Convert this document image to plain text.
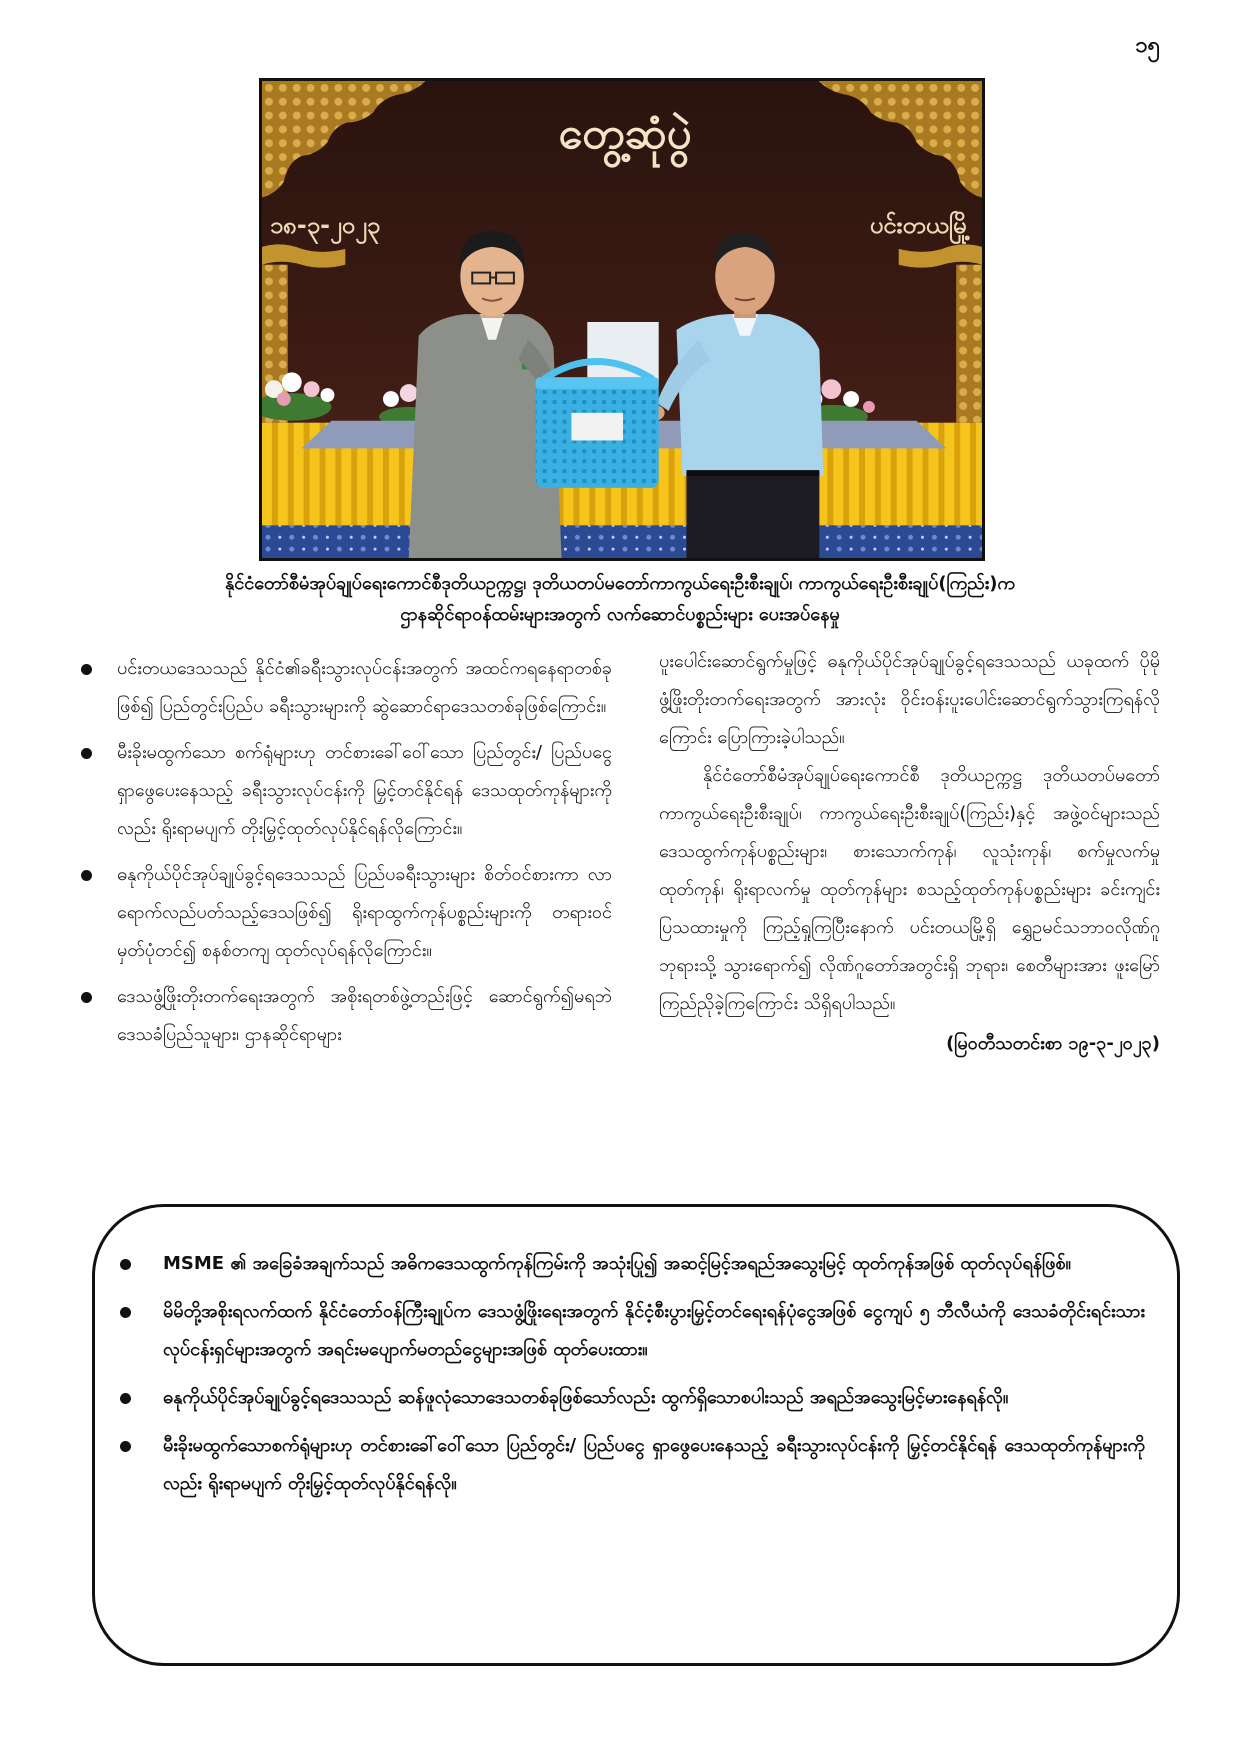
၁၅
တွေ့ဆုံပွဲ
၁၈-၃-၂၀၂၃	ပင်းတယမြို့
နိုင်ငံတော်စီမံအုပ်ချုပ်ရေးကောင်စီဒုတိယဥက္ကဋ္ဌ၊ ဒုတိယတပ်မတော်ကာကွယ်ရေးဦးစီးချုပ်၊ ကာကွယ်ရေးဦးစီးချုပ်(ကြည်း)က
ဌာနဆိုင်ရာဝန်ထမ်းများအတွက် လက်ဆောင်ပစ္စည်းများ ပေးအပ်နေမှု
ပင်းတယဒေသသည် နိုင်ငံ၏ခရီးသွားလုပ်ငန်းအတွက် အထင်ကရနေရာတစ်ခုဖြစ်၍ ပြည်တွင်းပြည်ပ ခရီးသွားများကို ဆွဲဆောင်ရာဒေသတစ်ခုဖြစ်ကြောင်း။
မီးခိုးမထွက်သော စက်ရုံများဟု တင်စားခေါ်ဝေါ်သော ပြည်တွင်း/ ပြည်ပငွေ ရှာဖွေပေးနေသည့် ခရီးသွားလုပ်ငန်းကို မြှင့်တင်နိုင်ရန် ဒေသထုတ်ကုန်များကိုလည်း ရိုးရာမပျက် တိုးမြှင့်ထုတ်လုပ်နိုင်ရန်လိုကြောင်း။
ဓနုကိုယ်ပိုင်အုပ်ချုပ်ခွင့်ရဒေသသည် ပြည်ပခရီးသွားများ စိတ်ဝင်စားကာ လာရောက်လည်ပတ်သည့်ဒေသဖြစ်၍ ရိုးရာထွက်ကုန်ပစ္စည်းများကို တရားဝင်မှတ်ပုံတင်၍ စနစ်တကျ ထုတ်လုပ်ရန်လိုကြောင်း။
ဒေသဖွံ့ဖြိုးတိုးတက်ရေးအတွက် အစိုးရတစ်ဖွဲ့တည်းဖြင့် ဆောင်ရွက်၍မရဘဲ ဒေသခံပြည်သူများ၊ ဌာနဆိုင်ရာများ

ပူးပေါင်းဆောင်ရွက်မှုဖြင့် ဓနုကိုယ်ပိုင်အုပ်ချုပ်ခွင့်ရဒေသသည် ယခုထက် ပိုမိုဖွံ့ဖြိုးတိုးတက်ရေးအတွက် အားလုံး ဝိုင်းဝန်းပူးပေါင်းဆောင်ရွက်သွားကြရန်လိုကြောင်း ပြောကြားခဲ့ပါသည်။

နိုင်ငံတော်စီမံအုပ်ချုပ်ရေးကောင်စီ ဒုတိယဥက္ကဋ္ဌ ဒုတိယတပ်မတော်ကာကွယ်ရေးဦးစီးချုပ်၊ ကာကွယ်ရေးဦးစီးချုပ်(ကြည်း)နှင့် အဖွဲ့ဝင်များသည် ဒေသထွက်ကုန်ပစ္စည်းများ၊ စားသောက်ကုန်၊ လူသုံးကုန်၊ စက်မှုလက်မှုထုတ်ကုန်၊ ရိုးရာလက်မှု ထုတ်ကုန်များ စသည့်ထုတ်ကုန်ပစ္စည်းများ ခင်းကျင်းပြသထားမှုကို ကြည့်ရှုကြပြီးနောက် ပင်းတယမြို့ရှိ ရွှေဥမင်သဘာဝလိုဏ်ဂူဘုရားသို့ သွားရောက်၍ လိုဏ်ဂူတော်အတွင်းရှိ ဘုရား၊ စေတီများအား ဖူးမြော်ကြည်ညိုခဲ့ကြကြောင်း သိရှိရပါသည်။

(မြဝတီသတင်းစာ ၁၉-၃-၂၀၂၃)

MSME ၏ အခြေခံအချက်သည် အဓိကဒေသထွက်ကုန်ကြမ်းကို အသုံးပြု၍ အဆင့်မြင့်အရည်အသွေးမြင့် ထုတ်ကုန်အဖြစ် ထုတ်လုပ်ရန်ဖြစ်။
မိမိတို့အစိုးရလက်ထက် နိုင်ငံတော်ဝန်ကြီးချုပ်က ဒေသဖွံ့ဖြိုးရေးအတွက် နိုင်ငံ့စီးပွားမြှင့်တင်ရေးရန်ပုံငွေအဖြစ် ငွေကျပ် ၅ ဘီလီယံကို ဒေသခံတိုင်းရင်းသားလုပ်ငန်းရှင်များအတွက် အရင်းမပျောက်မတည်ငွေများအဖြစ် ထုတ်ပေးထား။
ဓနုကိုယ်ပိုင်အုပ်ချုပ်ခွင့်ရဒေသသည် ဆန်ဖူလုံသောဒေသတစ်ခုဖြစ်သော်လည်း ထွက်ရှိသောစပါးသည် အရည်အသွေးမြင့်မားနေရန်လို။
မီးခိုးမထွက်သောစက်ရုံများဟု တင်စားခေါ်ဝေါ်သော ပြည်တွင်း/ ပြည်ပငွေ ရှာဖွေပေးနေသည့် ခရီးသွားလုပ်ငန်းကို မြှင့်တင်နိုင်ရန် ဒေသထုတ်ကုန်များကိုလည်း ရိုးရာမပျက် တိုးမြှင့်ထုတ်လုပ်နိုင်ရန်လို။
